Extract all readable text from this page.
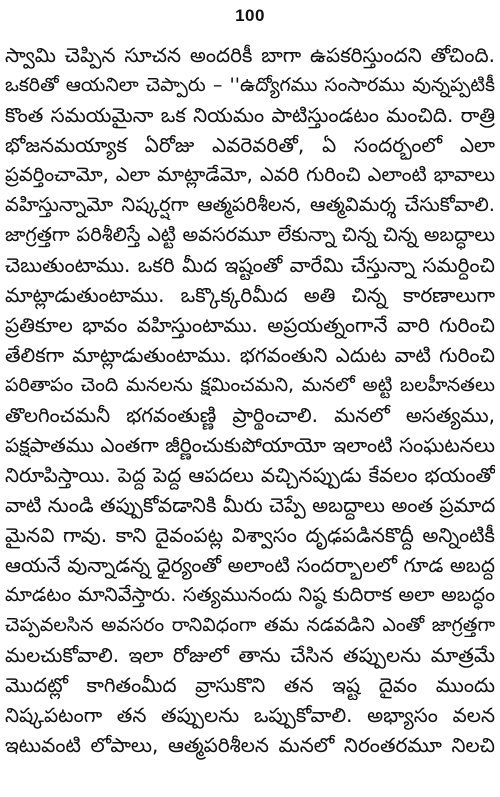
100
స్వామి చెప్పిన సూచన అందరికీ బాగా ఉపకరిస్తుందని తోచింది.
ఒకరితో ఆయనిలా చెప్పారు – ''ఉద్యోగము సంసారము వున్నప్పటికీ
కొంత సమయమైనా ఒక నియమం పాటిస్తుండటం మంచిది. రాత్రి
భోజనమయ్యాక ఏరోజు ఎవరెవరితో, ఏ సందర్భంలో ఎలా
ప్రవర్తించామో, ఎలా మాట్లాడేమో, ఎవరి గురించి ఎలాంటి భావాలు
వహిస్తున్నామో నిష్కర్షగా ఆత్మపరిశీలన, ఆత్మవిమర్శ చేసుకోవాలి.
జాగ్రత్తగా పరిశీలిస్తే ఎట్టి అవసరమూ లేకున్నా చిన్న చిన్న అబద్ధాలు
చెబుతుంటాము. ఒకరి మీద ఇష్టంతో వారేమి చేస్తున్నా సమర్ధించి
మాట్లాడుతుంటాము. ఒక్కొక్కరిమీద అతి చిన్న కారణాలుగా
ప్రతికూల భావం వహిస్తుంటాము. అప్రయత్నంగానే వారి గురించి
తేలికగా మాట్లాడుతుంటాము. భగవంతుని ఎదుట వాటి గురించి
పరితాపం చెంది మనలను క్షమించమని, మనలో అట్టి బలహీనతలు
తొలగించమనీ భగవంతుణ్ణి ప్రార్థించాలి. మనలో అసత్యము,
పక్షపాతము ఎంతగా జీర్ణించుకుపోయాయో ఇలాంటి సంఘటనలు
నిరూపిస్తాయి. పెద్ద పెద్ద ఆపదలు వచ్చినప్పుడు కేవలం భయంతో
వాటి నుండి తప్పుకోవడానికి మీరు చెప్పే అబద్ధాలు అంత ప్రమాద
మైనవి గావు. కాని దైవంపట్ల విశ్వాసం దృఢపడినకొద్దీ అన్నింటికీ
ఆయనే వున్నాడన్న ధైర్యంతో అలాంటి సందర్భాలలో గూడ అబద్ధ
మాడటం మానివేస్తారు. సత్యమునందు నిష్ఠ కుదిరాక అలా అబద్ధం
చెప్పవలసిన అవసరం రానివిధంగా తమ నడవడిని ఎంతో జాగ్రత్తగా
మలచుకోవాలి. ఇలా రోజులో తాను చేసిన తప్పులను మాత్రమే
మొదట్లో కాగితంమీద వ్రాసుకొని తన ఇష్ట దైవం ముందు
నిష్కపటంగా తన తప్పులను ఒప్పుకోవాలి. అభ్యాసం వలన
ఇటువంటి లోపాలు, ఆత్మపరిశీలన మనలో నిరంతరమూ నిలచి
